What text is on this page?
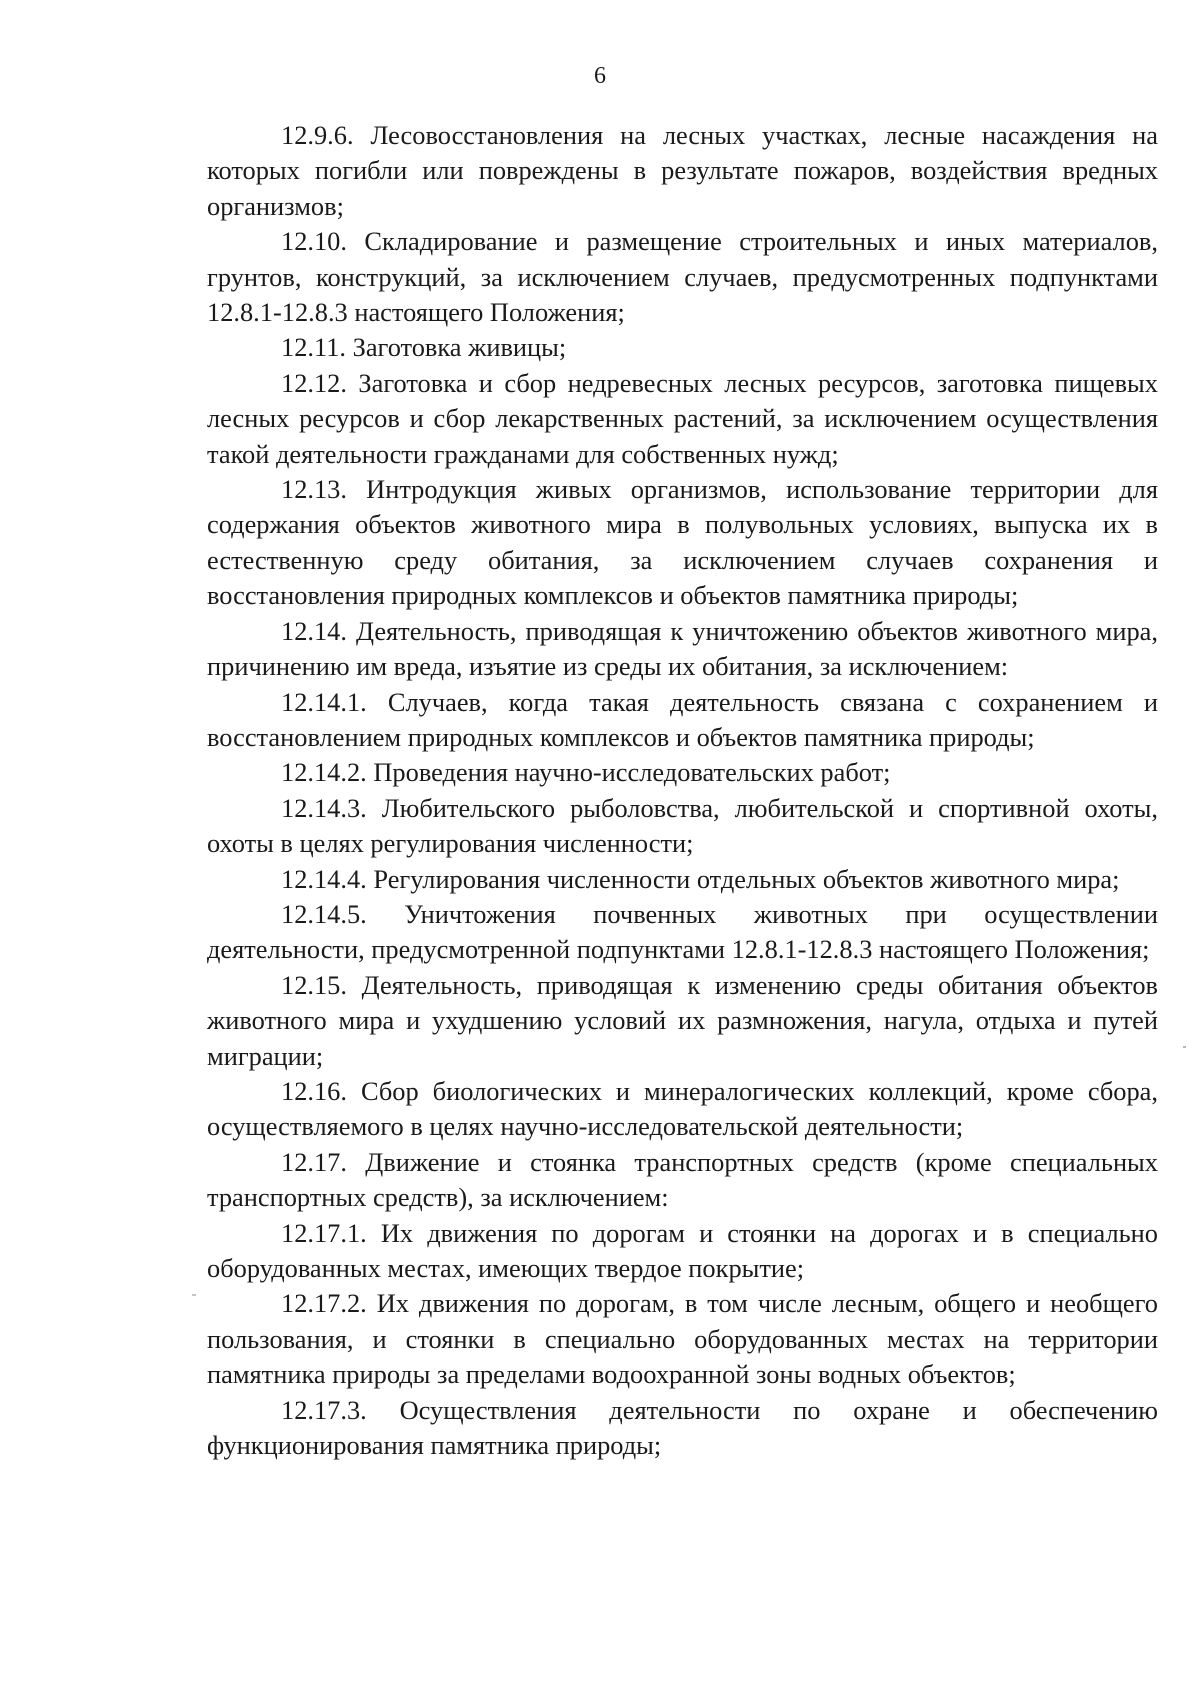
6

12.9.6. Лесовосстановления на лесных участках, лесные насаждения на которых погибли или повреждены в результате пожаров, воздействия вредных организмов;

12.10. Складирование и размещение строительных и иных материалов, грунтов, конструкций, за исключением случаев, предусмотренных подпунктами 12.8.1-12.8.3 настоящего Положения;

12.11. Заготовка живицы;

12.12. Заготовка и сбор недревесных лесных ресурсов, заготовка пищевых лесных ресурсов и сбор лекарственных растений, за исключением осуществления такой деятельности гражданами для собственных нужд;

12.13. Интродукция живых организмов, использование территории для содержания объектов животного мира в полувольных условиях, выпуска их в естественную среду обитания, за исключением случаев сохранения и восстановления природных комплексов и объектов памятника природы;

12.14. Деятельность, приводящая к уничтожению объектов животного мира, причинению им вреда, изъятие из среды их обитания, за исключением:

12.14.1. Случаев, когда такая деятельность связана с сохранением и восстановлением природных комплексов и объектов памятника природы;

12.14.2. Проведения научно-исследовательских работ;

12.14.3. Любительского рыболовства, любительской и спортивной охоты, охоты в целях регулирования численности;

12.14.4. Регулирования численности отдельных объектов животного мира;

12.14.5. Уничтожения почвенных животных при осуществлении деятельности, предусмотренной подпунктами 12.8.1-12.8.3 настоящего Положения;

12.15. Деятельность, приводящая к изменению среды обитания объектов животного мира и ухудшению условий их размножения, нагула, отдыха и путей миграции;

12.16. Сбор биологических и минералогических коллекций, кроме сбора, осуществляемого в целях научно-исследовательской деятельности;

12.17. Движение и стоянка транспортных средств (кроме специальных транспортных средств), за исключением:

12.17.1. Их движения по дорогам и стоянки на дорогах и в специально оборудованных местах, имеющих твердое покрытие;

12.17.2. Их движения по дорогам, в том числе лесным, общего и необщего пользования, и стоянки в специально оборудованных местах на территории памятника природы за пределами водоохранной зоны водных объектов;

12.17.3. Осуществления деятельности по охране и обеспечению функционирования памятника природы;
